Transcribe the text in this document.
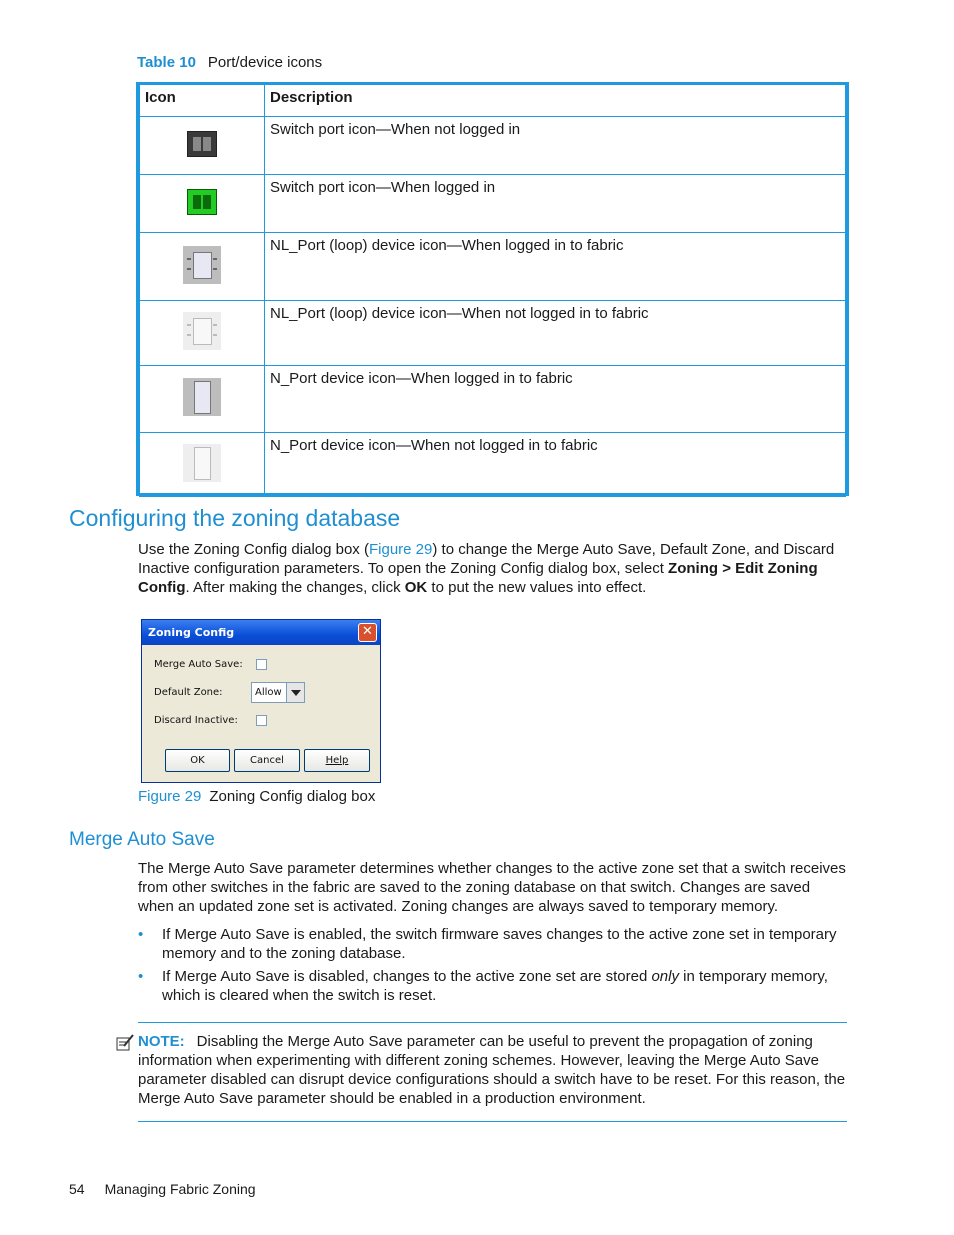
Table 10 Port/device icons
Icon	Description

	Switch port icon—When not logged in

	Switch port icon—When logged in

	NL_Port (loop) device icon—When logged in to fabric

	NL_Port (loop) device icon—When not logged in to fabric

	N_Port device icon—When logged in to fabric

	N_Port device icon—When not logged in to fabric
Configuring the zoning database
Use the Zoning Config dialog box (Figure 29) to change the Merge Auto Save, Default Zone, and Discard Inactive configuration parameters. To open the Zoning Config dialog box, select Zoning > Edit Zoning Config. After making the changes, click OK to put the new values into effect.
Zoning Config	✕
Merge Auto Save:
Default Zone:	Allow
Discard Inactive:
OK	Cancel	Help
Figure 29 Zoning Config dialog box
Merge Auto Save
The Merge Auto Save parameter determines whether changes to the active zone set that a switch receives from other switches in the fabric are saved to the zoning database on that switch. Changes are saved when an updated zone set is activated. Zoning changes are always saved to temporary memory.
• If Merge Auto Save is enabled, the switch firmware saves changes to the active zone set in temporary memory and to the zoning database.
• If Merge Auto Save is disabled, changes to the active zone set are stored only in temporary memory, which is cleared when the switch is reset.
NOTE: Disabling the Merge Auto Save parameter can be useful to prevent the propagation of zoning information when experimenting with different zoning schemes. However, leaving the Merge Auto Save parameter disabled can disrupt device configurations should a switch have to be reset. For this reason, the Merge Auto Save parameter should be enabled in a production environment.
54 Managing Fabric Zoning
